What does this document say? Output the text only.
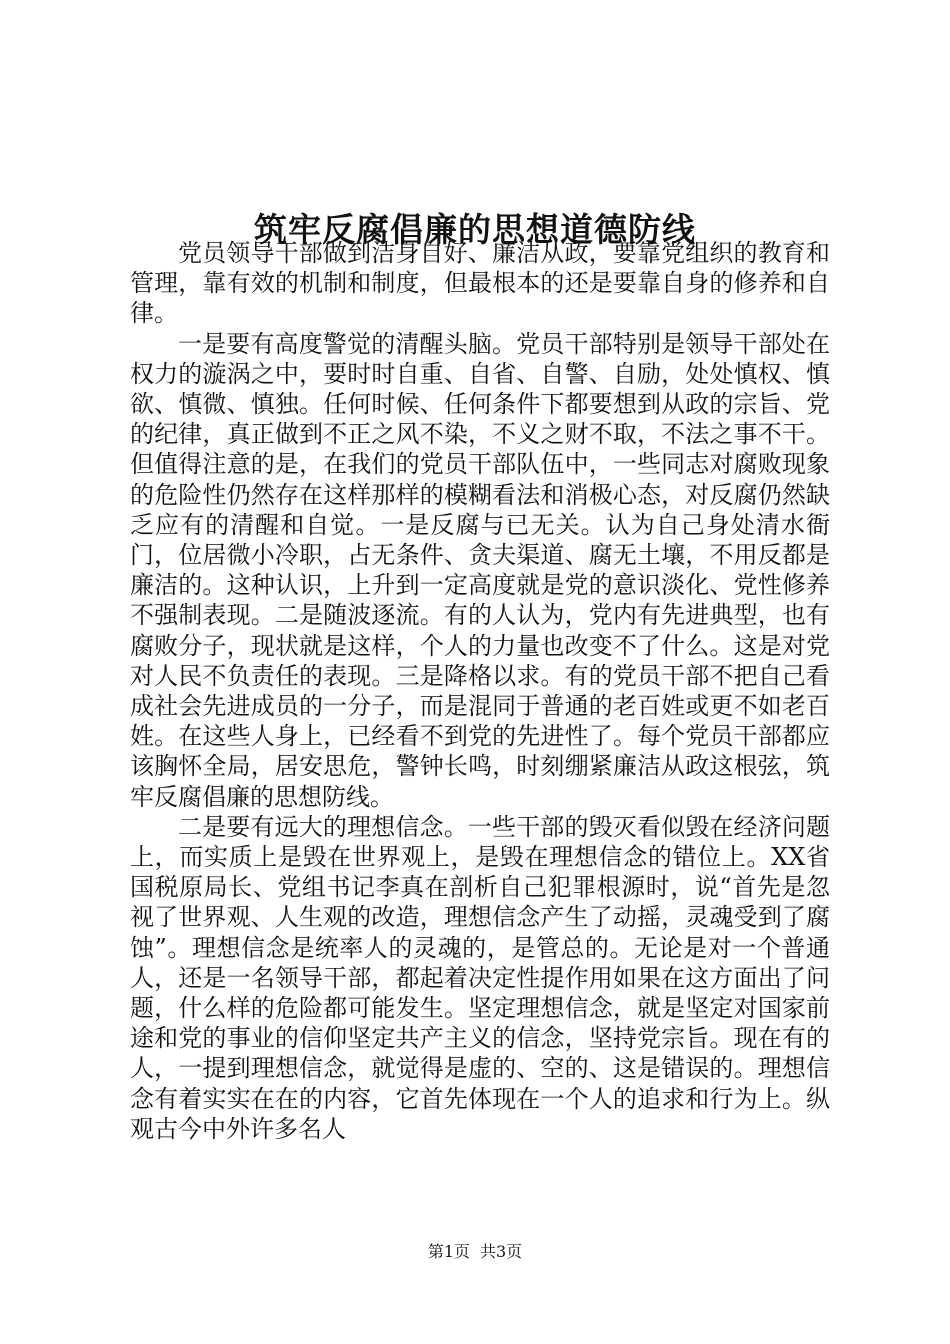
筑牢反腐倡廉的思想道德防线

党员领导干部做到洁身自好、廉洁从政，要靠党组织的教育和管理，靠有效的机制和制度，但最根本的还是要靠自身的修养和自律。

一是要有高度警觉的清醒头脑。党员干部特别是领导干部处在权力的漩涡之中，要时时自重、自省、自警、自励，处处慎权、慎欲、慎微、慎独。任何时候、任何条件下都要想到从政的宗旨、党的纪律，真正做到不正之风不染，不义之财不取，不法之事不干。但值得注意的是，在我们的党员干部队伍中，一些同志对腐败现象的危险性仍然存在这样那样的模糊看法和消极心态，对反腐仍然缺乏应有的清醒和自觉。一是反腐与已无关。认为自己身处清水衙门，位居微小冷职，占无条件、贪夫渠道、腐无土壤，不用反都是廉洁的。这种认识，上升到一定高度就是党的意识淡化、党性修养不强制表现。二是随波逐流。有的人认为，党内有先进典型，也有腐败分子，现状就是这样，个人的力量也改变不了什么。这是对党对人民不负责任的表现。三是降格以求。有的党员干部不把自己看成社会先进成员的一分子，而是混同于普通的老百姓或更不如老百姓。在这些人身上，已经看不到党的先进性了。每个党员干部都应该胸怀全局，居安思危，警钟长鸣，时刻绷紧廉洁从政这根弦，筑牢反腐倡廉的思想防线。

二是要有远大的理想信念。一些干部的毁灭看似毁在经济问题上，而实质上是毁在世界观上，是毁在理想信念的错位上。XX省国税原局长、党组书记李真在剖析自己犯罪根源时，说“首先是忽视了世界观、人生观的改造，理想信念产生了动摇，灵魂受到了腐蚀”。理想信念是统率人的灵魂的，是管总的。无论是对一个普通人，还是一名领导干部，都起着决定性提作用如果在这方面出了问题，什么样的危险都可能发生。坚定理想信念，就是坚定对国家前途和党的事业的信仰坚定共产主义的信念，坚持党宗旨。现在有的人，一提到理想信念，就觉得是虚的、空的、这是错误的。理想信念有着实实在在的内容，它首先体现在一个人的追求和行为上。纵观古今中外许多名人

第1页 共3页
